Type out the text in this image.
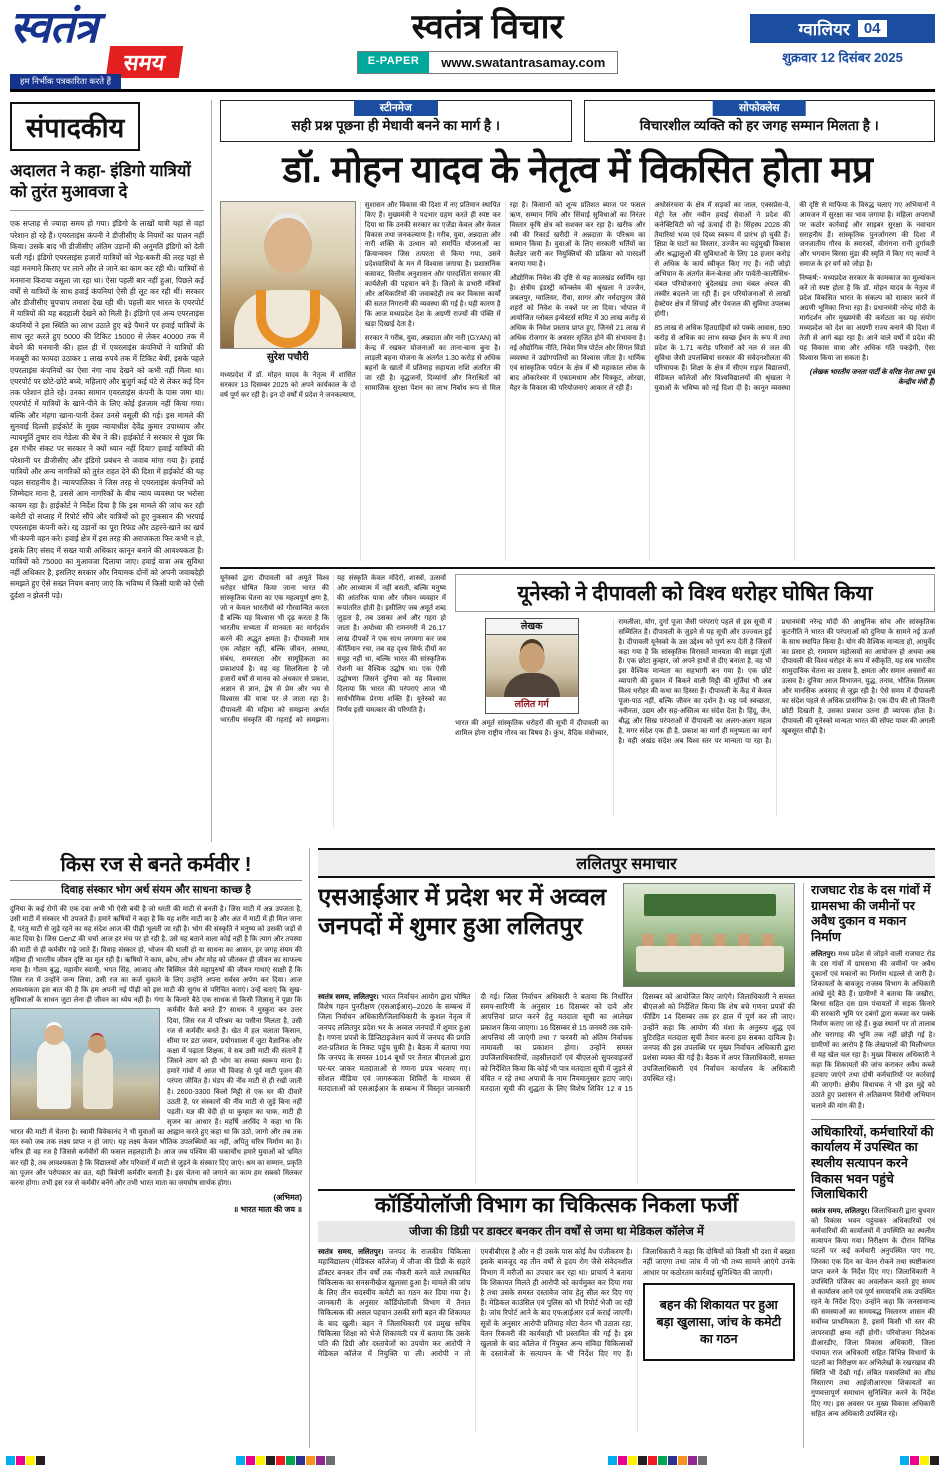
स्वतंत्र
समय
हम निर्भीक पत्रकारिता करते हैं
स्वतंत्र विचार
E-PAPER	www.swatantrasamay.com
ग्वालियर 04
शुक्रवार 12 दिसंबर 2025
संपादकीय
अदालत ने कहा- इंडिगो यात्रियों को तुरंत मुआवजा दे
एक सप्ताह से ज्यादा समय हो गया। इंडिगो के लाखों यात्री यहां से वहां परेशान हो रहे हैं। एयरलाइंस कंपनी ने डीजीसीए के नियमों का पालन नहीं किया। उसके बाद भी डीजीसीए अंतिम उड़ानों की अनुमति इंडिगो को देती चली गई। इंडिगो एयरलाइंस हजारों यात्रियों को भेड़-बकरी की तरह यहां से वहां मनमाने किराए पर लाने और ले जाने का काम कर रही थी। यात्रियों से मनमाना किराया वसूला जा रहा था। ऐसा पहली बार नहीं हुआ, पिछले कई वर्षों से यात्रियों के साथ हवाई कंपनियां ऐसी ही लूट कर रही थीं। सरकार और डीजीसीए चुपचाप तमाशा देख रही थी। पहली बार भारत के एयरपोर्ट में यात्रियों की यह बदहाली देखने को मिली है। इंडिगो एवं अन्य एयरलाइंस कंपनियों ने इस स्थिति का लाभ उठाते हुए बड़े पैमाने पर हवाई यात्रियों के साथ लूट करते हुए 5000 की टिकिट 15000 से लेकर 40000 तक में बेचने की मनमानी की। हाल ही में एयरलाइंस कंपनियों ने यात्रियों की मजबूरी का फायदा उठाकर 1 लाख रुपये तक में टिकिट बेचीं, इसके पहले एयरलाइंस कंपनियों का ऐसा नंगा नाच देखने को कभी नहीं मिला था। एयरपोर्ट पर छोटे-छोटे बच्चे, महिलाएं और बुजुर्ग कई घंटे से लेकर कई दिन तक परेशान होते रहे। उनका सामान एयरलाइंस कंपनी के पास जमा था। एयरपोर्ट में यात्रियों के खाने-पीने के लिए कोई इंतजाम नहीं किया गया। बल्कि और मंहगा खाना-पानी देकर उनसे वसूली की गई। इस मामले की सुनवाई दिल्ली हाईकोर्ट के मुख्य न्यायाधीश देवेंद्र कुमार उपाध्याय और न्यायमूर्ति तुषार राव गेडेला की बेंच ने की। हाईकोर्ट ने सरकार से पूछा कि इस गंभीर संकट पर सरकार ने क्यों ध्यान नहीं दिया? हवाई यात्रियों की परेशानी पर डीजीसीए और इंडिगो प्रबंधन से जवाब मांगा गया है। हवाई यात्रियों और अन्य नागरिकों को तुरंत राहत देने की दिशा में हाईकोर्ट की यह पहल सराहनीय है। न्यायपालिका ने जिस तरह से एयरलाइंस कंपनियों को जिम्मेदार माना है, उससे आम नागरिकों के बीच न्याय व्यवस्था पर भरोसा कायम रहा है। हाईकोर्ट ने निर्देश दिया है कि इस मामले की जांच कर रही कमेटी दो सप्ताह में रिपोर्ट सौंपे और यात्रियों को हुए नुकसान की भरपाई एयरलाइंस कंपनी करे। रद्द उड़ानों का पूरा रिफंड और ठहरने-खाने का खर्च भी कंपनी वहन करे। हवाई क्षेत्र में इस तरह की अराजकता फिर कभी न हो, इसके लिए संसद में सख्त यात्री अधिकार कानून बनाने की आवश्यकता है। यात्रियों को 75000 का मुआवजा दिलाया जाए। हवाई यात्रा अब सुविधा नहीं अधिकार है, इसलिए सरकार और नियामक दोनों को अपनी जवाबदेही समझते हुए ऐसे सख्त नियम बनाए जाएं कि भविष्य में किसी यात्री को ऐसी दुर्दशा न झेलनी पड़े।
स्टीनमेज
सही प्रश्न पूछना ही मेधावी बनने का मार्ग है ।
सोफोक्लेस
विचारशील व्यक्ति को हर जगह सम्मान मिलता है ।
डॉ. मोहन यादव के नेतृत्व में विकसित होता मप्र
सुरेश पचौरी

मध्यप्रदेश में डॉ. मोहन यादव के नेतृत्व में शासित सरकार 13 दिसम्बर 2025 को अपने कार्यकाल के दो वर्ष पूर्ण कर रही है। इन दो वर्षों में प्रदेश ने जनकल्याण, सुशासन और विकास की दिशा में नए प्रतिमान स्थापित किए हैं। मुख्यमंत्री ने पदभार ग्रहण करते ही स्पष्ट कर दिया था कि उनकी सरकार का एजेंडा केवल और केवल विकास तथा जनकल्याण है। गरीब, युवा, अन्नदाता और नारी शक्ति के उत्थान को समर्पित योजनाओं का क्रियान्वयन जिस तत्परता से किया गया, उसने प्रदेशवासियों के मन में विश्वास जगाया है। प्रशासनिक कसावट, वित्तीय अनुशासन और पारदर्शिता सरकार की कार्यशैली की पहचान बने हैं। जिलों के प्रभारी मंत्रियों और अधिकारियों की जवाबदेही तय कर विकास कार्यों की सतत निगरानी की व्यवस्था की गई है। यही कारण है कि आज मध्यप्रदेश देश के अग्रणी राज्यों की पंक्ति में खड़ा दिखाई देता है।

सरकार ने गरीब, युवा, अन्नदाता और नारी (GYAN) को केन्द्र में रखकर योजनाओं का ताना-बाना बुना है। लाड़ली बहना योजना के अंतर्गत 1.30 करोड़ से अधिक बहनों के खातों में प्रतिमाह सहायता राशि अंतरित की जा रही है। वृद्धजनों, दिव्यांगों और निराश्रितों को सामाजिक सुरक्षा पेंशन का लाभ निर्बाध रूप से मिल रहा है। किसानों को शून्य प्रतिशत ब्याज पर फसल ऋण, सम्मान निधि और सिंचाई सुविधाओं का निरंतर विस्तार कृषि क्षेत्र को सशक्त कर रहा है। खरीफ और रबी की रिकार्ड खरीदी ने अन्नदाता के परिश्रम का सम्मान किया है। युवाओं के लिए सरकारी भर्तियों का कैलेंडर जारी कर नियुक्तियों की प्रक्रिया को पारदर्शी बनाया गया है।

औद्योगिक निवेश की दृष्टि से यह कालखंड स्वर्णिम रहा है। क्षेत्रीय इंडस्ट्री कॉन्क्लेव की श्रृंखला ने उज्जैन, जबलपुर, ग्वालियर, रीवा, सागर और नर्मदापुरम जैसे शहरों को निवेश के नक्शे पर ला दिया। भोपाल में आयोजित ग्लोबल इन्वेस्टर्स समिट में 30 लाख करोड़ से अधिक के निवेश प्रस्ताव प्राप्त हुए, जिनसे 21 लाख से अधिक रोजगार के अवसर सृजित होने की संभावना है। नई औद्योगिक नीति, निवेश मित्र पोर्टल और सिंगल विंडो व्यवस्था ने उद्योगपतियों का विश्वास जीता है। धार्मिक एवं सांस्कृतिक पर्यटन के क्षेत्र में श्री महाकाल लोक के बाद ओंकारेश्वर में एकात्मधाम और चित्रकूट, ओरछा, मैहर के विकास की परियोजनाएं आकार ले रही हैं।

अधोसंरचना के क्षेत्र में सड़कों का जाल, एक्सप्रेस-वे, मेट्रो रेल और नवीन हवाई सेवाओं ने प्रदेश की कनेक्टिविटी को नई ऊंचाई दी है। सिंहस्थ 2028 की तैयारियां भव्य एवं दिव्य स्वरूप में प्रारंभ हो चुकी हैं। क्षिप्रा के घाटों का विस्तार, उज्जैन का चहुंमुखी विकास और श्रद्धालुओं की सुविधाओं के लिए 18 हजार करोड़ से अधिक के कार्य स्वीकृत किए गए हैं। नदी जोड़ो अभियान के अंतर्गत केन-बेतवा और पार्वती-कालीसिंध-चंबल परियोजनाएं बुंदेलखंड तथा चंबल अंचल की तस्वीर बदलने जा रही हैं। इन परियोजनाओं से लाखों हेक्टेयर क्षेत्र में सिंचाई और पेयजल की सुविधा उपलब्ध होगी।

85 लाख से अधिक हितग्राहियों को पक्के आवास, 690 करोड़ से अधिक का लाभ स्वच्छ ईंधन के रूप में तथा प्रदेश के 1.71 करोड़ परिवारों को नल से जल की सुविधा जैसी उपलब्धियां सरकार की संवेदनशीलता की परिचायक हैं। शिक्षा के क्षेत्र में सीएम राइज विद्यालयों, मेडिकल कॉलेजों और विश्वविद्यालयों की श्रृंखला ने युवाओं के भविष्य को नई दिशा दी है। कानून व्यवस्था की दृष्टि से माफिया के विरुद्ध चलाए गए अभियानों ने आमजन में सुरक्षा का भाव जगाया है। महिला अपराधों पर कठोर कार्रवाई और साइबर सुरक्षा के नवाचार सराहनीय हैं। सांस्कृतिक पुनर्जागरण की दिशा में जनजातीय गौरव के स्मारकों, वीरांगना रानी दुर्गावती और भगवान बिरसा मुंडा की स्मृति में किए गए कार्यों ने समाज के हर वर्ग को जोड़ा है।

निष्कर्ष:- मध्यप्रदेश सरकार के कामकाज का मूल्यांकन करें तो स्पष्ट होता है कि डॉ. मोहन यादव के नेतृत्व में प्रदेश विकसित भारत के संकल्प को साकार करने में अग्रणी भूमिका निभा रहा है। प्रधानमंत्री नरेन्द्र मोदी के मार्गदर्शन और मुख्यमंत्री की कर्मठता का यह संयोग मध्यप्रदेश को देश का अग्रणी राज्य बनाने की दिशा में तेजी से आगे बढ़ा रहा है। आने वाले वर्षों में प्रदेश की यह विकास यात्रा और अधिक गति पकड़ेगी, ऐसा विश्वास किया जा सकता है।

(लेखक भारतीय जनता पार्टी के वरिष्ठ नेता तथा पूर्व केन्द्रीय मंत्री हैं)

यूनेस्को द्वारा दीपावली को अमूर्त विश्व धरोहर घोषित किया जाना भारत की सांस्कृतिक चेतना का एक महत्वपूर्ण क्षण है, जो न केवल भारतीयों को गौरवान्वित करता है बल्कि यह विश्वास भी दृढ़ करता है कि भारतीय सभ्यता में मानवता का मार्गदर्शन करने की अद्भुत क्षमता है। दीपावली मात्र एक त्योहार नहीं, बल्कि जीवन, आस्था, संबंध, समरसता और सामूहिकता का प्रकाशपर्व है। यह वह सिलसिला है जो हजारों वर्षों से मानव को अंधकार से प्रकाश, अज्ञान से ज्ञान, द्वेष से प्रेम और भय से विश्वास की यात्रा पर ले जाता रहा है। दीपावली की महिमा को समझना अर्थात भारतीय संस्कृति की गहराई को समझना। यह संस्कृति केवल मंदिरों, शास्त्रों, उत्सवों और आध्यात्म में नहीं बसती, बल्कि मनुष्य की आंतरिक यात्रा और जीवन व्यवहार में रूपांतरित होती है। इसीलिए जब अमूर्त शब्द जुड़ता है, तब उसका अर्थ और गहरा हो जाता है। अयोध्या की रामनगरी में 26.17 लाख दीपकों ने एक साथ जगमगा कर जब कीर्तिमान रचा, तब वह दृश्य सिर्फ दीयों का समूह नहीं था, बल्कि भारत की सांस्कृतिक रोशनी का वैश्विक उद्घोष था। एक ऐसी उद्घोषणा जिसने दुनिया को यह विश्वास दिलाया कि भारत की परंपराएं आज भी सार्वभौमिक प्रेरणा शक्ति हैं। यूनेस्को का निर्णय इसी चमत्कार की परिणति है।
यूनेस्को ने दीपावली को विश्व धरोहर घोषित किया
लेखक
ललित गर्ग
भारत की अमूर्त सांस्कृतिक धरोहरों की सूची में दीपावली का शामिल होना राष्ट्रीय गौरव का विषय है। कुंभ, वैदिक मंत्रोच्चार, रामलीला, योग, दुर्गा पूजा जैसी परंपराएं पहले से इस सूची में सम्मिलित हैं। दीपावली के जुड़ने से यह सूची और उज्ज्वल हुई है। दीपावली यूनेस्को के उस उद्देश्य को पूर्ण रूप देती है जिसमें कहा गया है कि सांस्कृतिक विरासतें मानवता की साझा पूंजी हैं। एक छोटा कुम्हार, जो अपने हाथों से दीए बनाता है, वह भी इस वैश्विक मान्यता का सहभागी बन गया है। एक छोटे व्यापारी की दुकान में बिकने वाली मिट्टी की मूर्तियां भी अब विश्व धरोहर की कथा का हिस्सा हैं। दीपावली के केंद्र में केवल पूजा-पाठ नहीं, बल्कि जीवन का दर्शन है। यह पर्व स्वच्छता, नवीनता, उद्यम और सह-अस्तित्व का संदेश देता है। हिंदू, जैन, बौद्ध और सिख परंपराओं में दीपावली का अलग-अलग महत्व है, मगर संदेश एक ही है, प्रकाश का मार्ग ही मनुष्यता का मार्ग है। यही अखंड संदेश अब विश्व स्तर पर मान्यता पा रहा है। प्रधानमंत्री नरेन्द्र मोदी की आधुनिक सोच और सांस्कृतिक कूटनीति ने भारत की परंपराओं को दुनिया के सामने नई ऊर्जा के साथ स्थापित किया है। योग की वैश्विक मान्यता हो, आयुर्वेद का प्रसार हो, रामायण महोत्सवों का आयोजन हो अथवा अब दीपावली की विश्व धरोहर के रूप में स्वीकृति, यह सब भारतीय सामुदायिक चेतना का उत्सव है, क्षमता और समान अवसरों का उत्सव है। दुनिया आज विभाजन, युद्ध, तनाव, भौतिक तिलस्म और मानसिक अवसाद से जूझ रही है। ऐसे समय में दीपावली का संदेश पहले से अधिक प्रासंगिक है। एक दीप की लौ जितनी छोटी दिखती है, उसका प्रकाश उतना ही व्यापक होता है। दीपावली की यूनेस्को मान्यता भारत की सॉफ्ट पावर की अगली खूबसूरत सीढ़ी है।
किस रज से बनते कर्मवीर !
दिवाह संस्कार भोग अर्थ संयम और साधना काच्छ है
दुनिया के कई रोगों की एक दवा अभी भी ऐसी बची है जो धरती की माटी से बनती है। जिस माटी में अन्न उपजता है, उसी माटी में संस्कार भी उपजते हैं। हमारे ऋषियों ने कहा है कि यह शरीर माटी का है और अंत में माटी में ही मिल जाना है, परंतु माटी से जुड़े रहने का यह संदेश आज की पीढ़ी भूलती जा रही है। भोग की संस्कृति ने मनुष्य को उसकी जड़ों से काट दिया है। जिस GenZ की चर्चा आज हर मंच पर हो रही है, उसे यह बताने वाला कोई नहीं है कि त्याग और तपस्या की माटी से ही कर्मवीर गढ़े जाते हैं। विवाह संस्कार हो, भोजन की थाली हो या साधना का आसन, हर जगह संयम की महिमा ही भारतीय जीवन दृष्टि का मूल रही है। ऋषियों ने काम, क्रोध, लोभ और मोह को जीतकर ही जीवन का साफल्य माना है। गौतम बुद्ध, महावीर स्वामी, भगत सिंह, आजाद और बिस्मिल जैसे महापुरुषों की जीवन गाथाएं साक्षी हैं कि जिस रज में उन्होंने जन्म लिया, उसी रज का कर्ज चुकाने के लिए उन्होंने अपना सर्वस्व अर्पण कर दिया। आज आवश्यकता इस बात की है कि हम अपनी नई पीढ़ी को इस माटी की सुगंध से परिचित कराएं। उन्हें बताएं कि सुख-सुविधाओं के साधन जुटा लेना ही जीवन का ध्येय नहीं है। गंगा के किनारे बैठे एक साधक से किसी जिज्ञासु ने पूछा कि कर्मवीर कैसे बनते हैं? साधक ने मुस्कुरा कर उत्तर दिया, जिस रज में परिश्रम का पसीना मिलता है, उसी रज से कर्मवीर बनते हैं। खेत में हल चलाता किसान, सीमा पर डटा जवान, प्रयोगशाला में जुटा वैज्ञानिक और कक्षा में पढ़ाता शिक्षक, ये सब उसी माटी की संतानें हैं जिसने त्याग को ही भोग का सच्चा स्वरूप माना है। हमारे गांवों में आज भी विवाह से पूर्व माटी पूजन की परंपरा जीवित है। मंडप की नींव माटी से ही रखी जाती है। 2600-3300 किलो मिट्टी से एक घर की दीवारें उठती हैं, पर संस्कारों की नींव माटी से जुड़े बिना नहीं पड़ती। यज्ञ की वेदी हो या कुम्हार का चाक, माटी ही सृजन का आधार है। महर्षि अरविंद ने कहा था कि भारत की माटी में चेतना है। स्वामी विवेकानंद ने भी युवाओं का आह्वान करते हुए कहा था कि उठो, जागो और तब तक मत रुको जब तक लक्ष्य प्राप्त न हो जाए। यह लक्ष्य केवल भौतिक उपलब्धियों का नहीं, अपितु चरित्र निर्माण का है। चरित्र ही वह रज है जिससे कर्मवीरों की फसल लहलहाती है। आज जब पश्चिम की चकाचौंध हमारे युवाओं को भ्रमित कर रही है, तब आवश्यकता है कि विद्यालयों और परिवारों में माटी से जुड़ने के संस्कार दिए जाएं। श्रम का सम्मान, प्रकृति का पूजन और परोपकार का व्रत, यही त्रिवेणी कर्मवीर बनाती है। इस चेतना को जगाने का काम हम सबको मिलकर करना होगा। तभी इस रज से कर्मवीर बनेंगे और तभी भारत माता का जयघोष सार्थक होगा।
(अभिमत)
॥ भारत माता की जय ॥
ललितपुर समाचार
एसआईआर में प्रदेश भर में अव्वल जनपदों में शुमार हुआ ललितपुर
स्वतंत्र समय, ललितपुर। भारत निर्वाचन आयोग द्वारा घोषित विशेष गहन पुनरीक्षण (एसआईआर)–2026 के सम्बन्ध में जिला निर्वाचन अधिकारी/जिलाधिकारी के कुशल नेतृत्व में जनपद ललितपुर प्रदेश भर के अव्वल जनपदों में शुमार हुआ है। गणना प्रपत्रों के डिजिटाइजेशन कार्य में जनपद की प्रगति शत-प्रतिशत के निकट पहुंच चुकी है। बैठक में बताया गया कि जनपद के समस्त 1014 बूथों पर तैनात बीएलओ द्वारा घर-घर जाकर मतदाताओं से गणना प्रपत्र भरवाए गए। सोशल मीडिया एवं जागरूकता शिविरों के माध्यम से मतदाताओं को एसआईआर के सम्बन्ध में विस्तृत जानकारी दी गई। जिला निर्वाचन अधिकारी ने बताया कि निर्धारित समय-सारिणी के अनुसार 16 दिसम्बर को दावे और आपत्तियां प्राप्त करने हेतु मतदाता सूची का आलेख्य प्रकाशन किया जाएगा। 16 दिसम्बर से 15 जनवरी तक दावे-आपत्तियां ली जाएंगी तथा 7 फरवरी को अंतिम निर्वाचक नामावली का प्रकाशन होगा। उन्होंने समस्त उपजिलाधिकारियों, तहसीलदारों एवं बीएलओ सुपरवाइजरों को निर्देशित किया कि कोई भी पात्र मतदाता सूची में जुड़ने से वंचित न रहे तथा अपात्रों के नाम नियमानुसार हटाए जाएं। मतदाता सूची की शुद्धता के लिए विशेष शिविर 12 व 15 दिसम्बर को आयोजित किए जाएंगे। जिलाधिकारी ने समस्त बीएलओ को निर्देशित किया कि शेष बचे गणना प्रपत्रों की फीडिंग 14 दिसम्बर तक हर हाल में पूर्ण कर ली जाए। उन्होंने कहा कि आयोग की मंशा के अनुरूप शुद्ध एवं त्रुटिरहित मतदाता सूची तैयार करना हम सबका दायित्व है। जनपद की इस उपलब्धि पर मुख्य निर्वाचन अधिकारी द्वारा प्रशंसा व्यक्त की गई है। बैठक में अपर जिलाधिकारी, समस्त उपजिलाधिकारी एवं निर्वाचन कार्यालय के अधिकारी उपस्थित रहे।
कॉर्डियोलॉजी विभाग का चिकित्सक निकला फर्जी
जीजा की डिग्री पर डाक्टर बनकर तीन वर्षों से जमा था मेडिकल कॉलेज में
स्वतंत्र समय, ललितपुर। जनपद के राजकीय चिकित्सा महाविद्यालय (मेडिकल कॉलेज) में जीजा की डिग्री के सहारे डॉक्टर बनकर तीन वर्षों तक नौकरी करने वाले तथाकथित चिकित्सक का सनसनीखेज खुलासा हुआ है। मामले की जांच के लिए तीन सदस्यीय कमेटी का गठन कर दिया गया है। जानकारी के अनुसार कॉर्डियोलॉजी विभाग में तैनात चिकित्सक की असल पहचान उसकी सगी बहन की शिकायत के बाद खुली। बहन ने जिलाधिकारी एवं प्रमुख सचिव चिकित्सा शिक्षा को भेजे शिकायती पत्र में बताया कि उसके पति की डिग्री और दस्तावेजों का उपयोग कर आरोपी ने मेडिकल कॉलेज में नियुक्ति पा ली। आरोपी न तो एमबीबीएस है और न ही उसके पास कोई वैध पंजीकरण है। इसके बावजूद वह तीन वर्षों से हृदय रोग जैसे संवेदनशील विभाग में मरीजों का उपचार कर रहा था। प्राचार्य ने बताया कि शिकायत मिलते ही आरोपी को कार्यमुक्त कर दिया गया है तथा उसके समस्त दस्तावेज जांच हेतु सील कर दिए गए हैं। मेडिकल काउंसिल एवं पुलिस को भी रिपोर्ट भेजी जा रही है। जांच रिपोर्ट आने के बाद एफआईआर दर्ज कराई जाएगी। सूत्रों के अनुसार आरोपी प्रतिमाह मोटा वेतन भी उठाता रहा, वेतन रिकवरी की कार्यवाही भी प्रस्तावित की गई है। इस खुलासे के बाद कॉलेज में नियुक्त अन्य संविदा चिकित्सकों के दस्तावेजों के सत्यापन के भी निर्देश दिए गए हैं। जिलाधिकारी ने कहा कि दोषियों को किसी भी दशा में बख्शा नहीं जाएगा तथा जांच में जो भी तथ्य सामने आएंगे उनके आधार पर कठोरतम कार्रवाई सुनिश्चित की जाएगी।
बहन की शिकायत पर हुआ बड़ा खुलासा, जांच के कमेटी का गठन
राजघाट रोड के दस गांवों में ग्रामसभा की जमीनों पर अवैध दुकान व मकान निर्माण
ललितपुर। मध्य प्रदेश से जोड़ने वाली राजघाट रोड के दस गांवों में ग्रामसभा की जमीनों पर अवैध दुकानों एवं मकानों का निर्माण धड़ल्ले से जारी है। शिकायतों के बावजूद राजस्व विभाग के अधिकारी आंखें मूंदे बैठे हैं। ग्रामीणों ने बताया कि जखौरा, बिरधा सहित दस ग्राम पंचायतों में सड़क किनारे की सरकारी भूमि पर दबंगों द्वारा कब्जा कर पक्के निर्माण कराए जा रहे हैं। कुछ स्थानों पर तो तालाब और चरागाह की भूमि तक नहीं छोड़ी गई है। ग्रामीणों का आरोप है कि लेखपालों की मिलीभगत से यह खेल चल रहा है। मुख्य विकास अधिकारी ने कहा कि शिकायतों की जांच कराकर अवैध कब्जे हटवाए जाएंगे तथा दोषी कर्मचारियों पर कार्रवाई की जाएगी। क्षेत्रीय विधायक ने भी इस मुद्दे को उठाते हुए प्रशासन से अतिक्रमण विरोधी अभियान चलाने की मांग की है।
अधिकारियों, कर्मचारियों की कार्यालय में उपस्थित का स्थलीय सत्यापन करने विकास भवन पहुंचे जिलाधिकारी
स्वतंत्र समय, ललितपुर। जिलाधिकारी द्वारा बुधवार को विकास भवन पहुंचकर अधिकारियों एवं कर्मचारियों की कार्यालयों में उपस्थिति का स्थलीय सत्यापन किया गया। निरीक्षण के दौरान विभिन्न पटलों पर कई कर्मचारी अनुपस्थित पाए गए, जिनका एक दिन का वेतन रोकने तथा स्पष्टीकरण प्राप्त करने के निर्देश दिए गए। जिलाधिकारी ने उपस्थिति पंजिका का अवलोकन करते हुए समय से कार्यालय आने एवं पूर्ण समयावधि तक उपस्थित रहने के निर्देश दिए। उन्होंने कहा कि जनसामान्य की समस्याओं का समयबद्ध निस्तारण शासन की सर्वोच्च प्राथमिकता है, इसमें किसी भी स्तर की लापरवाही क्षम्य नहीं होगी। परियोजना निदेशक डीआरडीए, जिला विकास अधिकारी, जिला पंचायत राज अधिकारी सहित विभिन्न विभागों के पटलों का निरीक्षण कर अभिलेखों के रखरखाव की स्थिति भी देखी गई। लंबित पत्रावलियों का शीघ्र निस्तारण तथा आईजीआरएस शिकायतों का गुणवत्तापूर्ण समाधान सुनिश्चित करने के निर्देश दिए गए। इस अवसर पर मुख्य विकास अधिकारी सहित अन्य अधिकारी उपस्थित रहे।
